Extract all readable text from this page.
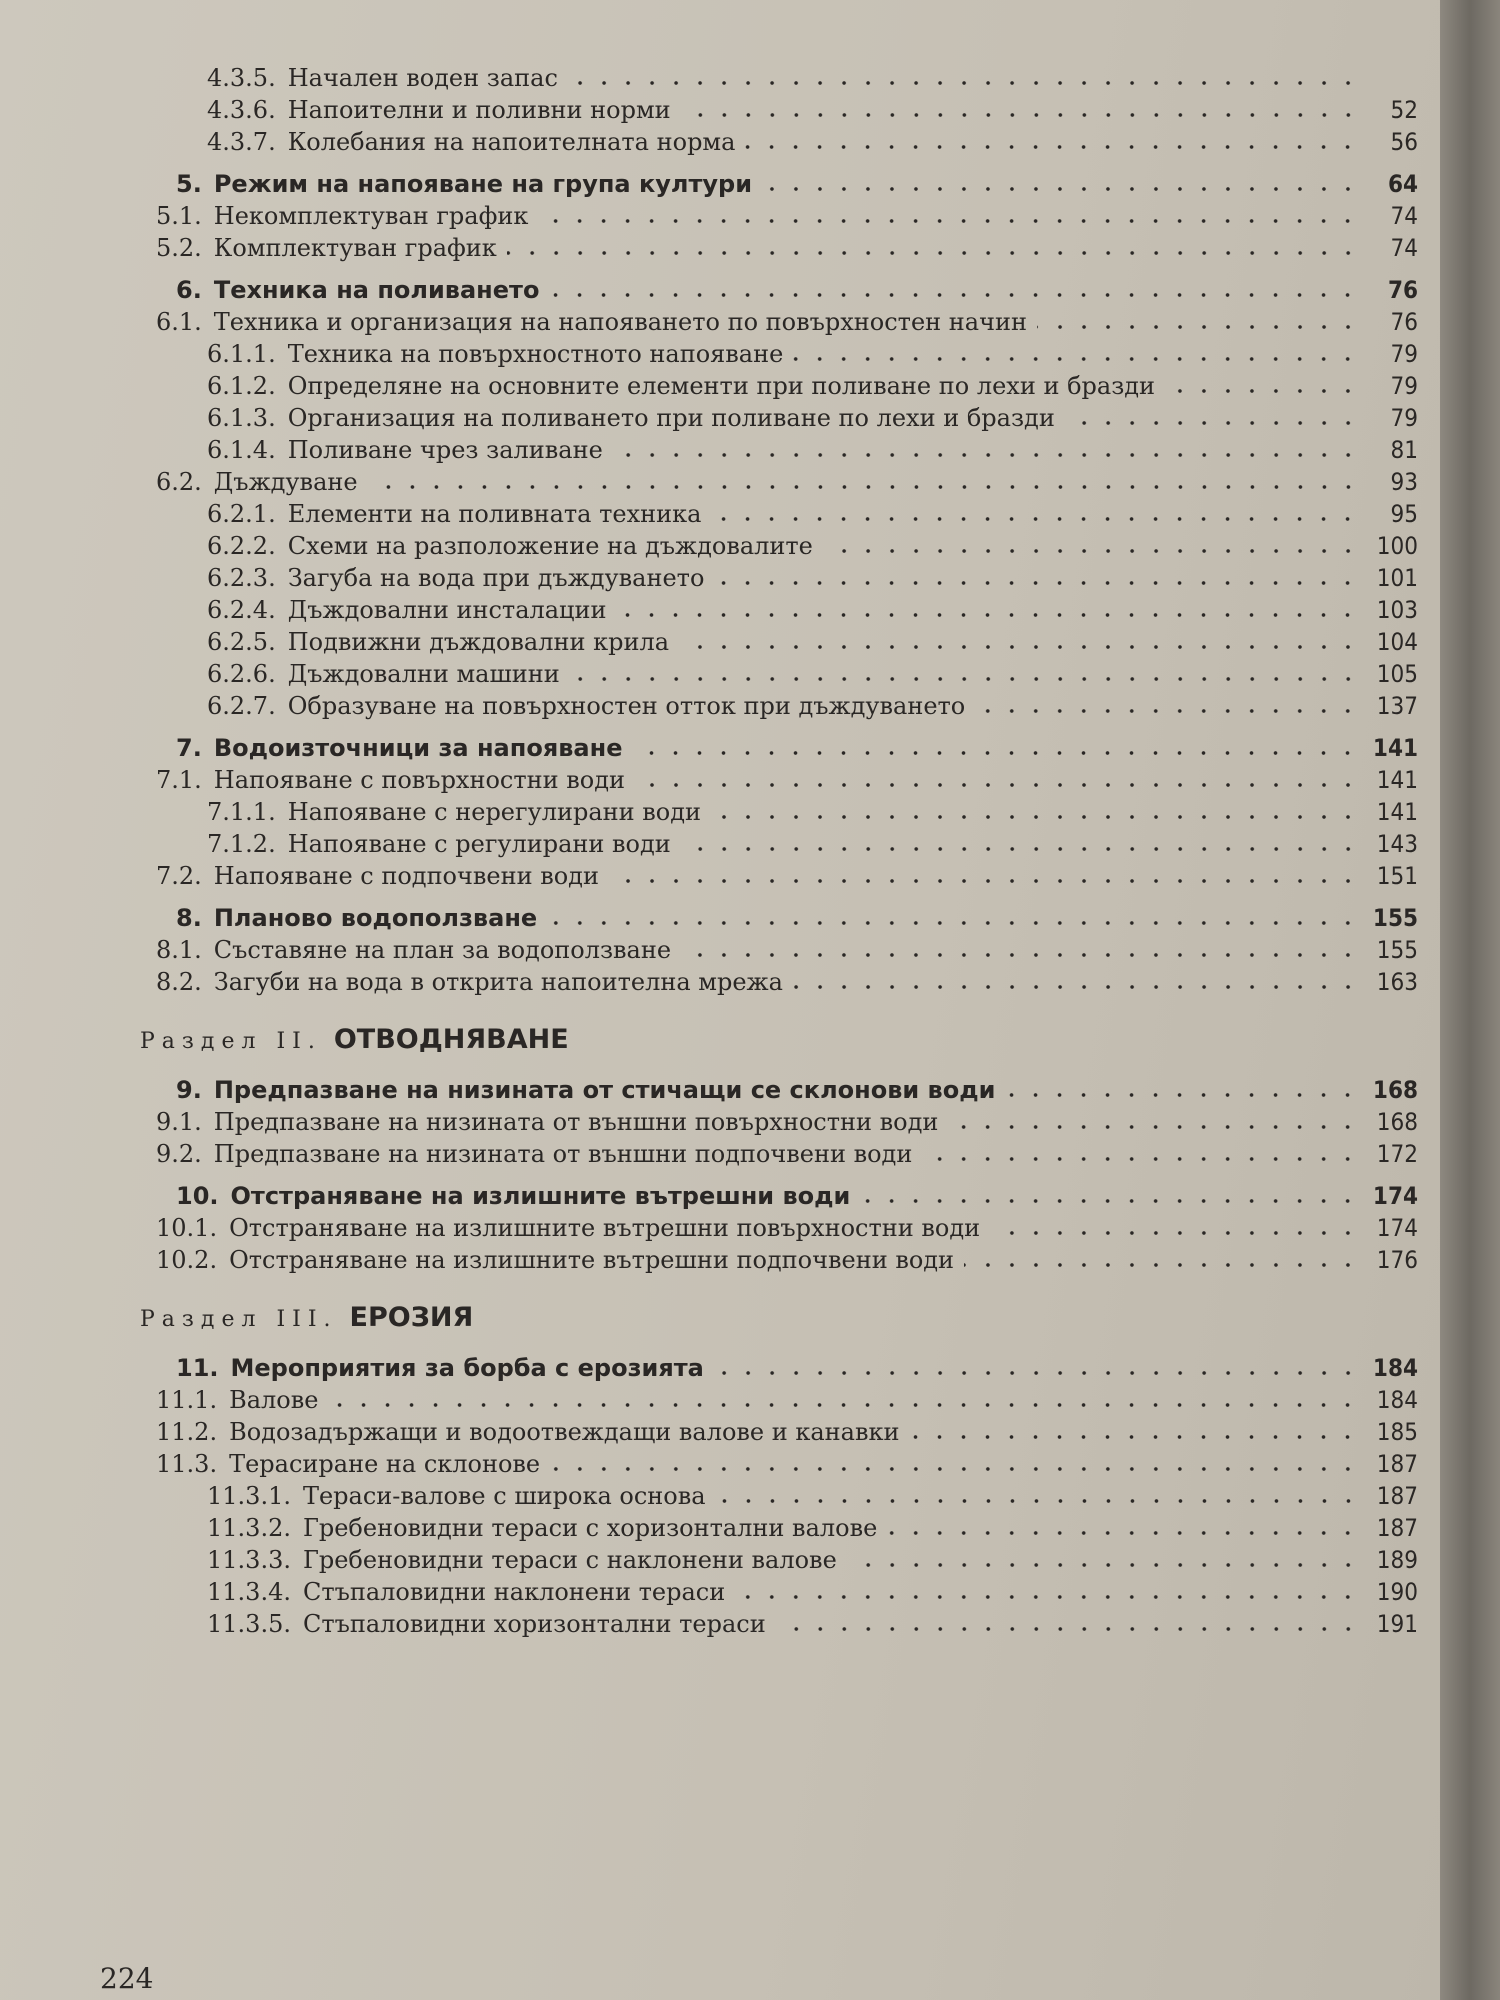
4.3.5. Начален воден запас
4.3.6. Напоителни и поливни норми	52
4.3.7. Колебания на напоителната норма	56
5. Режим на напояване на група култури	64
5.1. Некомплектуван график	74
5.2. Комплектуван график	74
6. Техника на поливането	76
6.1. Техника и организация на напояването по повърхностен начин	76
6.1.1. Техника на повърхностното напояване	79
6.1.2. Определяне на основните елементи при поливане по лехи и бразди	79
6.1.3. Организация на поливането при поливане по лехи и бразди	79
6.1.4. Поливане чрез заливане	81
6.2. Дъждуване	93
6.2.1. Елементи на поливната техника	95
6.2.2. Схеми на разположение на дъждовалите	100
6.2.3. Загуба на вода при дъждуването	101
6.2.4. Дъждовални инсталации	103
6.2.5. Подвижни дъждовални крила	104
6.2.6. Дъждовални машини	105
6.2.7. Образуване на повърхностен отток при дъждуването	137
7. Водоизточници за напояване	141
7.1. Напояване с повърхностни води	141
7.1.1. Напояване с нерегулирани води	141
7.1.2. Напояване с регулирани води	143
7.2. Напояване с подпочвени води	151
8. Планово водоползване	155
8.1. Съставяне на план за водоползване	155
8.2. Загуби на вода в открита напоителна мрежа	163
Раздел II. ОТВОДНЯВАНЕ
9. Предпазване на низината от стичащи се склонови води	168
9.1. Предпазване на низината от външни повърхностни води	168
9.2. Предпазване на низината от външни подпочвени води	172
10. Отстраняване на излишните вътрешни води	174
10.1. Отстраняване на излишните вътрешни повърхностни води	174
10.2. Отстраняване на излишните вътрешни подпочвени води	176
Раздел III. ЕРОЗИЯ
11. Мероприятия за борба с ерозията	184
11.1. Валове	184
11.2. Водозадържащи и водоотвеждащи валове и канавки	185
11.3. Терасиране на склонове	187
11.3.1. Тераси-валове с широка основа	187
11.3.2. Гребеновидни тераси с хоризонтални валове	187
11.3.3. Гребеновидни тераси с наклонени валове	189
11.3.4. Стъпаловидни наклонени тераси	190
11.3.5. Стъпаловидни хоризонтални тераси	191
224
